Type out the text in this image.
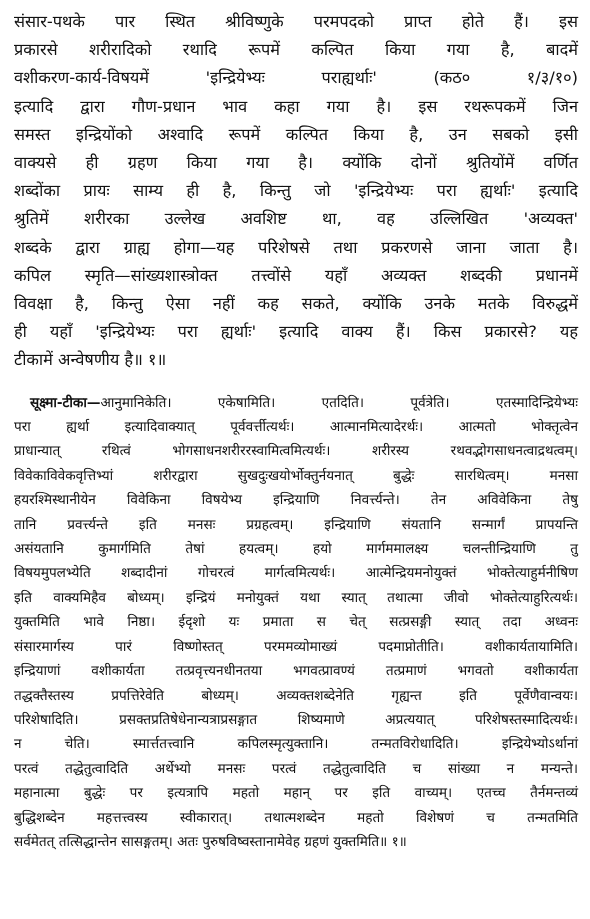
संसार-पथके पार स्थित श्रीविष्णुके परमपदको प्राप्त होते हैं। इस
प्रकारसे शरीरादिको रथादि रूपमें कल्पित किया गया है, बादमें
वशीकरण-कार्य-विषयमें 'इन्द्रियेभ्यः पराह्यर्थाः' (कठ० १/३/१०)
इत्यादि द्वारा गौण-प्रधान भाव कहा गया है। इस रथरूपकमें जिन
समस्त इन्द्रियोंको अश्वादि रूपमें कल्पित किया है, उन सबको इसी
वाक्यसे ही ग्रहण किया गया है। क्योंकि दोनों श्रुतियोंमें वर्णित
शब्दोंका प्रायः साम्य ही है, किन्तु जो 'इन्द्रियेभ्यः परा ह्यर्थाः' इत्यादि
श्रुतिमें शरीरका उल्लेख अवशिष्ट था, वह उल्लिखित 'अव्यक्त'
शब्दके द्वारा ग्राह्य होगा—यह परिशेषसे तथा प्रकरणसे जाना जाता है।
कपिल स्मृति—सांख्यशास्त्रोक्त तत्त्वोंसे यहाँ अव्यक्त शब्दकी प्रधानमें
विवक्षा है, किन्तु ऐसा नहीं कह सकते, क्योंकि उनके मतके विरुद्धमें
ही यहाँ 'इन्द्रियेभ्यः परा ह्यर्थाः' इत्यादि वाक्य हैं। किस प्रकारसे? यह
टीकामें अन्वेषणीय है॥ १॥
सूक्ष्मा-टीका—आनुमानिकेति। एकेषामिति। एतदिति। पूर्वत्रेति। एतस्मादिन्द्रियेभ्यः
परा ह्यर्था इत्यादिवाक्यात् पूर्ववर्त्तीत्यर्थः। आत्मानमित्यादेरर्थः। आत्मतो भोक्तृत्वेन
प्राधान्यात् रथित्वं भोगसाधनशरीररस्वामित्वमित्यर्थः। शरीरस्य रथवद्भोगसाधनत्वाद्रथत्वम्।
विवेकाविवेकवृत्तिभ्यां शरीरद्वारा सुखदुःखयोर्भोक्तुर्नयनात् बुद्धेः सारथित्वम्। मनसा
हयरश्मिस्थानीयेन विवेकिना विषयेभ्य इन्द्रियाणि निवर्त्त्यन्ते। तेन अविवेकिना तेषु
तानि प्रवर्त्त्यन्ते इति मनसः प्रग्रहत्वम्। इन्द्रियाणि संयतानि सन्मार्गं प्रापयन्ति
असंयतानि कुमार्गमिति तेषां हयत्वम्। हयो मार्गममालक्ष्य चलन्तीन्द्रियाणि तु
विषयमुपलभ्येति शब्दादीनां गोचरत्वं मार्गत्वमित्यर्थः। आत्मेन्द्रियमनोयुक्तं भोक्तेत्याहुर्मनीषिण
इति वाक्यमिहैव बोध्यम्। इन्द्रियं मनोयुक्तं यथा स्यात् तथात्मा जीवो भोक्तेत्याहुरित्यर्थः।
युक्तमिति भावे निष्ठा। ईदृशो यः प्रमाता स चेत् सत्प्रसङ्गी स्यात् तदा अध्वनः
संसारमार्गस्य पारं विष्णोस्तत् परममव्योमाख्यं पदमाप्नोतीति। वशीकार्यतायामिति।
इन्द्रियाणां वशीकार्यता तत्प्रवृत्त्यनधीनतया भगवत्प्रावण्यं तत्प्रमाणं भगवतो वशीकार्यता
तद्धक्तैस्तस्य प्रपत्तिरेवेति बोध्यम्। अव्यक्तशब्देनेति गृह्यन्त इति पूर्वेणैवान्वयः।
परिशेषादिति। प्रसक्तप्रतिषेधेनान्यत्राप्रसङ्गात शिष्यमाणे अप्रत्ययात् परिशेषस्तस्मादित्यर्थः।
न चेति। स्मार्त्ततत्त्वानि कपिलस्मृत्युक्तानि। तन्मतविरोधादिति। इन्द्रियेभ्योऽर्थानां
परत्वं तद्धेतुत्वादिति अर्थेभ्यो मनसः परत्वं तद्धेतुत्वादिति च सांख्या न मन्यन्ते।
महानात्मा बुद्धेः पर इत्यत्रापि महतो महान् पर इति वाच्यम्। एतच्च तैर्नमन्तव्यं
बुद्धिशब्देन महत्तत्त्वस्य स्वीकारात्। तथात्मशब्देन महतो विशेषणं च तन्मतमिति
सर्वमेतत् तत्सिद्धान्तेन सासङ्गतम्। अतः पुरुषविष्वस्तानामेवेह ग्रहणं युक्तमिति॥ १॥
